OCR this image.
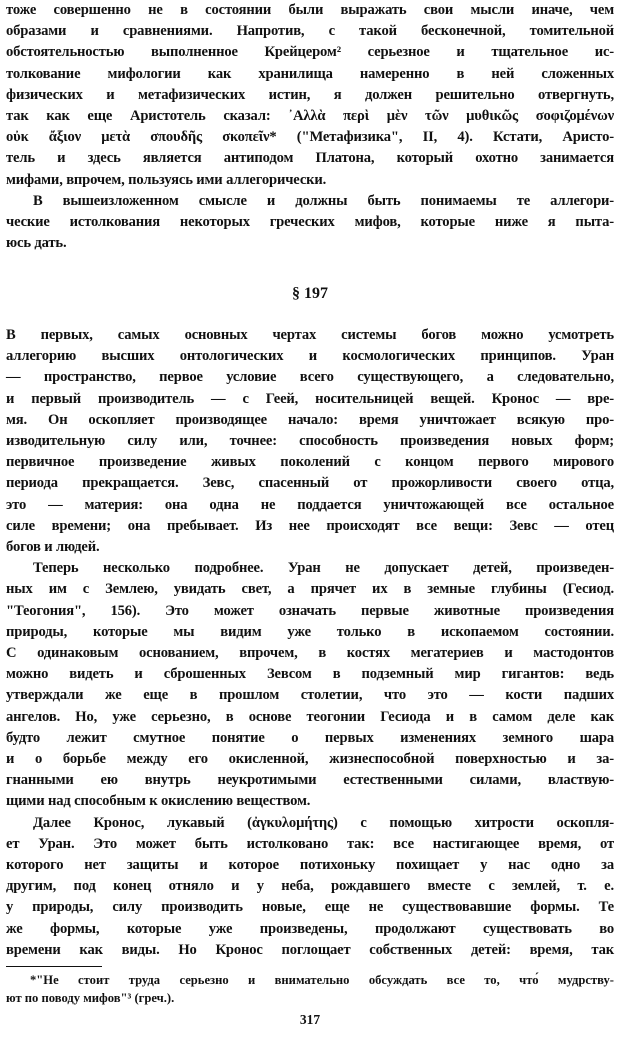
тоже совершенно не в состоянии были выражать свои мысли иначе, чем
образами и сравнениями. Напротив, с такой бесконечной, томительной
обстоятельностью выполненное Крейцером² серьезное и тщательное ис-
толкование мифологии как хранилища намеренно в ней сложенных
физических и метафизических истин, я должен решительно отвергнуть,
так как еще Аристотель сказал: ᾽Αλλὰ περὶ μὲν τῶν μυθικῶς σοφιζομένων
οὐκ ἄξιον μετὰ σπουδῆς σκοπεῖν* ("Метафизика", II, 4). Кстати, Аристо-
тель и здесь является антиподом Платона, который охотно занимается
мифами, впрочем, пользуясь ими аллегорически.

В вышеизложенном смысле и должны быть понимаемы те аллегори-
ческие истолкования некоторых греческих мифов, которые ниже я пыта-
юсь дать.

§ 197

В первых, самых основных чертах системы богов можно усмотреть
аллегорию высших онтологических и космологических принципов. Уран
— пространство, первое условие всего существующего, а следовательно,
и первый производитель — с Геей, носительницей вещей. Кронос — вре-
мя. Он оскопляет производящее начало: время уничтожает всякую про-
изводительную силу или, точнее: способность произведения новых форм;
первичное произведение живых поколений с концом первого мирового
периода прекращается. Зевс, спасенный от прожорливости своего отца,
это — материя: она одна не поддается уничтожающей все остальное
силе времени; она пребывает. Из нее происходят все вещи: Зевс — отец
богов и людей.

Теперь несколько подробнее. Уран не допускает детей, произведен-
ных им с Землею, увидать свет, а прячет их в земные глубины (Гесиод.
"Теогония", 156). Это может означать первые животные произведения
природы, которые мы видим уже только в ископаемом состоянии.
С одинаковым основанием, впрочем, в костях мегатериев и мастодонтов
можно видеть и сброшенных Зевсом в подземный мир гигантов: ведь
утверждали же еще в прошлом столетии, что это — кости падших
ангелов. Но, уже серьезно, в основе теогонии Гесиода и в самом деле как
будто лежит смутное понятие о первых изменениях земного шара
и о борьбе между его окисленной, жизнеспособной поверхностью и за-
гнанными ею внутрь неукротимыми естественными силами, властвую-
щими над способным к окислению веществом.

Далее Кронос, лукавый (ἀγκυλομήτης) с помощью хитрости оскопля-
ет Уран. Это может быть истолковано так: все настигающее время, от
которого нет защиты и которое потихоньку похищает у нас одно за
другим, под конец отняло и у неба, рождавшего вместе с землей, т. е.
у природы, силу производить новые, еще не существовавшие формы. Те
же формы, которые уже произведены, продолжают существовать во
времени как виды. Но Кронос поглощает собственных детей: время, так

*"Не стоит труда серьезно и внимательно обсуждать все то, что́ мудрству-
ют по поводу мифов"³ (греч.).
317
